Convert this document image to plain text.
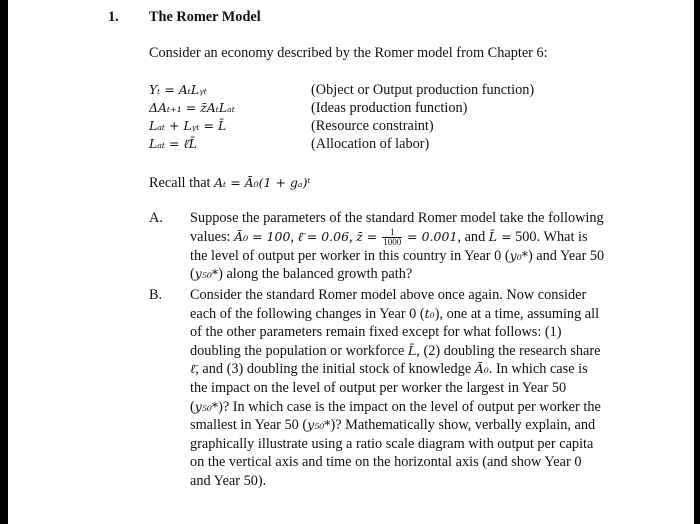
1. The Romer Model
Consider an economy described by the Romer model from Chapter 6:
Yₜ = AₜLᵧₜ	(Object or Output production function)
ΔAₜ₊₁ = z̄AₜLₐₜ	(Ideas production function)
Lₐₜ + Lᵧₜ = L̄	(Resource constraint)
Lₐₜ = ℓ̄L̄	(Allocation of labor)
Recall that Aₜ = Ā₀(1 + gₐ)ᵗ
A. Suppose the parameters of the standard Romer model take the following values: Ā₀ = 100, ℓ̄ = 0.06, z̄ = $\frac{1}{1000} = 0.001$, and L̄ = 500. What is the level of output per worker in this country in Year 0 (y₀*) and Year 50 (y₅₀*) along the balanced growth path?
B. Consider the standard Romer model above once again. Now consider each of the following changes in Year 0 (t₀), one at a time, assuming all of the other parameters remain fixed except for what follows: (1) doubling the population or workforce L̄, (2) doubling the research share ℓ̄, and (3) doubling the initial stock of knowledge Ā₀. In which case is the impact on the level of output per worker the largest in Year 50 (y₅₀*)? In which case is the impact on the level of output per worker the smallest in Year 50 (y₅₀*)? Mathematically show, verbally explain, and graphically illustrate using a ratio scale diagram with output per capita on the vertical axis and time on the horizontal axis (and show Year 0 and Year 50).
